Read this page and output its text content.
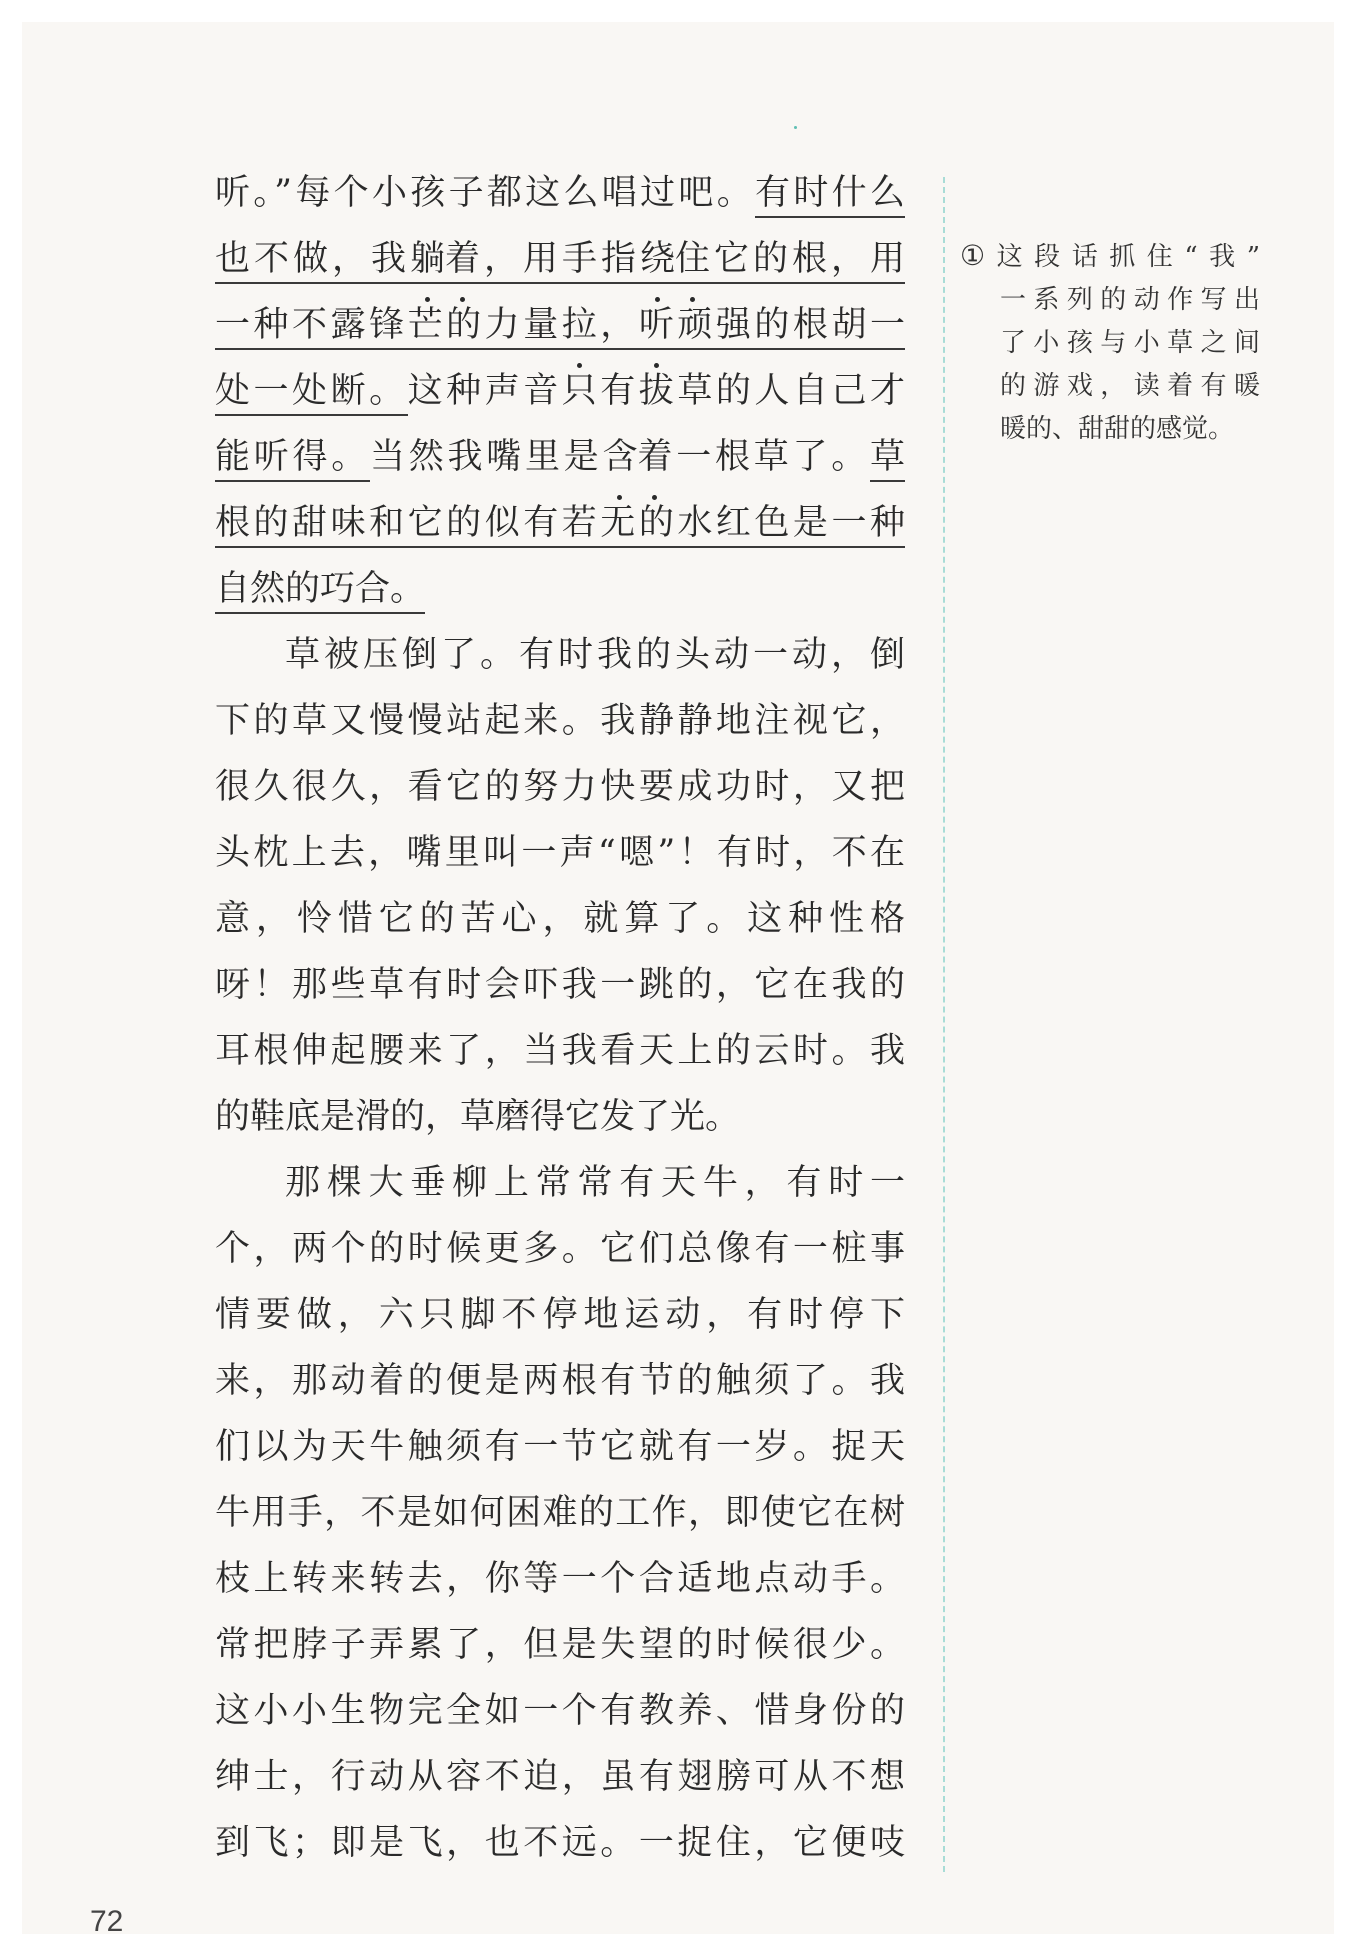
听。”每个小孩子都这么唱过吧。有时什么
也不做，我躺着，用手指绕住它的根，用
一种不露锋芒的力量拉，听顽强的根胡一
处一处断。这种声音只有拔草的人自己才
能听得。当然我嘴里是含着一根草了。草
根的甜味和它的似有若无的水红色是一种
自然的巧合。

草被压倒了。有时我的头动一动，倒
下的草又慢慢站起来。我静静地注视它，
很久很久，看它的努力快要成功时，又把
头枕上去，嘴里叫一声“嗯”！有时，不在
意，怜惜它的苦心，就算了。这种性格
呀！那些草有时会吓我一跳的，它在我的
耳根伸起腰来了，当我看天上的云时。我
的鞋底是滑的，草磨得它发了光。

那棵大垂柳上常常有天牛，有时一
个，两个的时候更多。它们总像有一桩事
情要做，六只脚不停地运动，有时停下
来，那动着的便是两根有节的触须了。我
们以为天牛触须有一节它就有一岁。捉天
牛用手，不是如何困难的工作，即使它在树
枝上转来转去，你等一个合适地点动手。
常把脖子弄累了，但是失望的时候很少。
这小小生物完全如一个有教养、惜身份的
绅士，行动从容不迫，虽有翅膀可从不想
到飞；即是飞，也不远。一捉住，它便吱

①这段话抓住“我”
一系列的动作写出
了小孩与小草之间
的游戏，读着有暖
暖的、甜甜的感觉。
72
